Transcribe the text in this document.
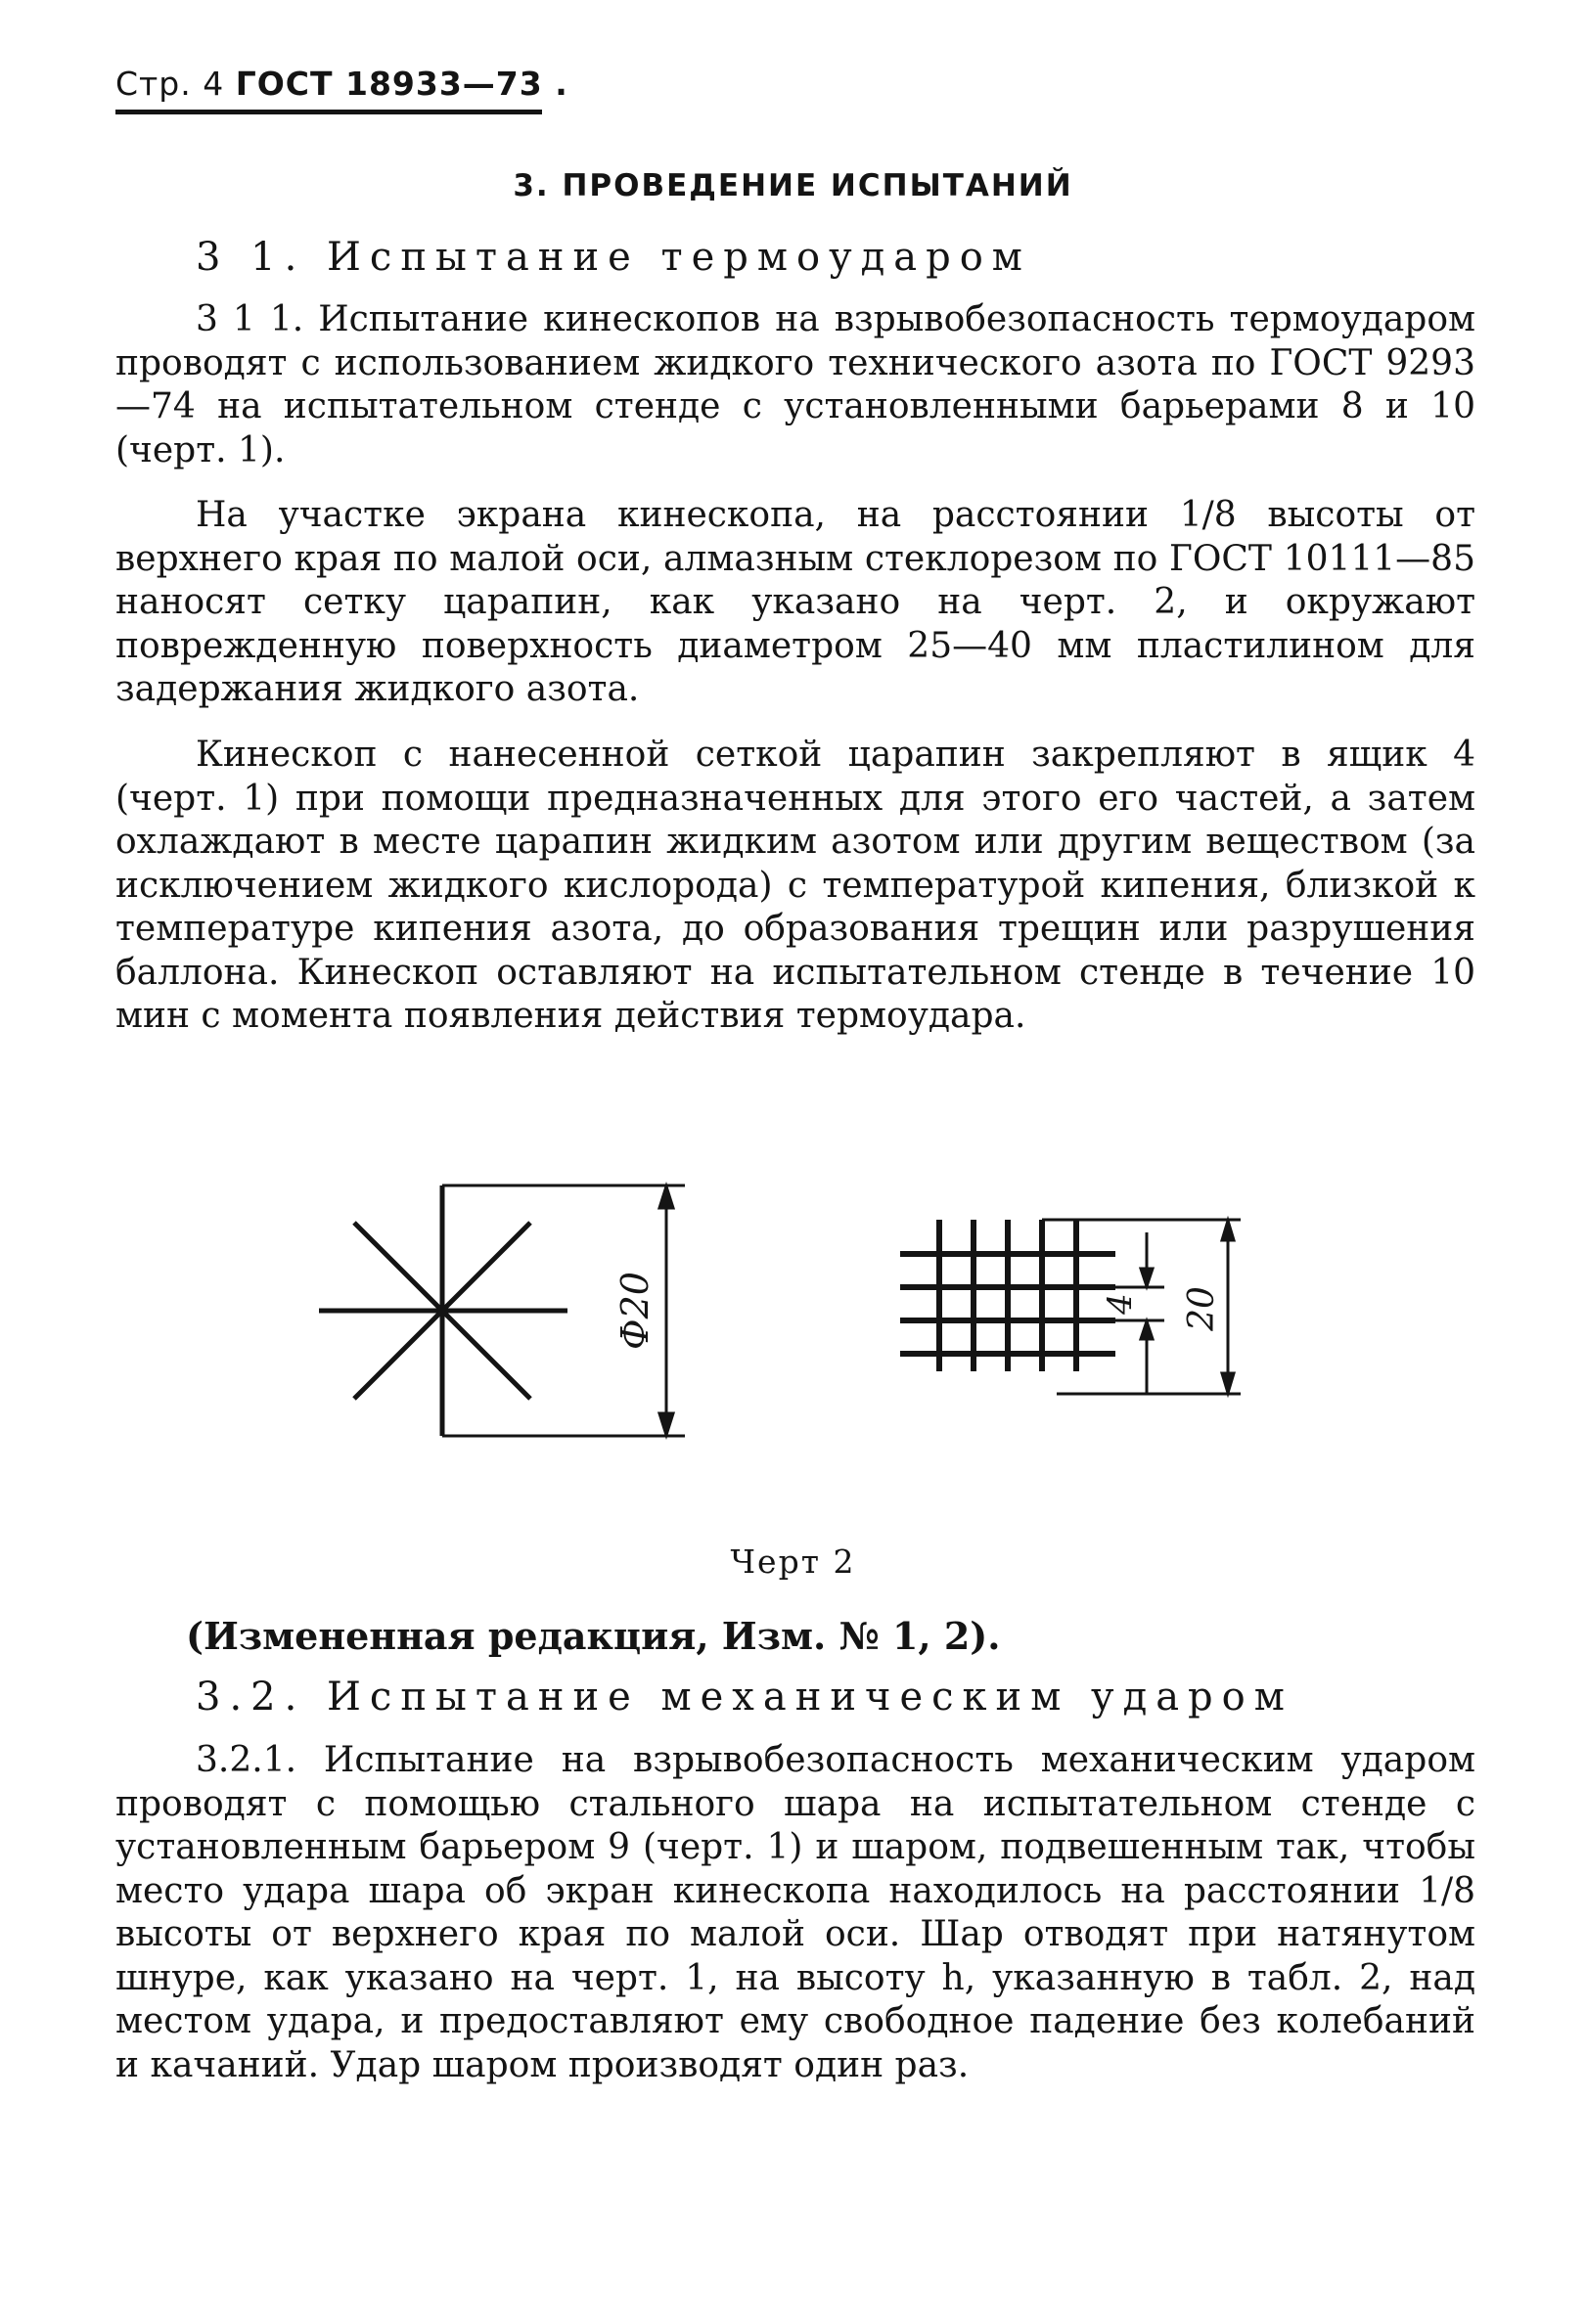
Стр. 4 ГОСТ 18933—73 .
3. ПРОВЕДЕНИЕ ИСПЫТАНИЙ
3 1. Испытание термоударом

3 1 1. Испытание кинескопов на взрывобезопасность термоударом проводят с использованием жидкого технического азота по ГОСТ 9293—74 на испытательном стенде с установленными барьерами 8 и 10 (черт. 1).

На участке экрана кинескопа, на расстоянии 1/8 высоты от верхнего края по малой оси, алмазным стеклорезом по ГОСТ 10111—85 наносят сетку царапин, как указано на черт. 2, и окружают поврежденную поверхность диаметром 25—40 мм пластилином для задержания жидкого азота.

Кинескоп с нанесенной сеткой царапин закрепляют в ящик 4 (черт. 1) при помощи предназначенных для этого его частей, а затем охлаждают в месте царапин жидким азотом или другим веществом (за исключением жидкого кислорода) с температурой кипения, близкой к температуре кипения азота, до образования трещин или разрушения баллона. Кинескоп оставляют на испытательном стенде в течение 10 мин с момента появления действия термоудара.

Ф20	4 20
Черт 2
(Измененная редакция, Изм. № 1, 2).
3.2. Испытание механическим ударом

3.2.1. Испытание на взрывобезопасность механическим ударом проводят с помощью стального шара на испытательном стенде с установленным барьером 9 (черт. 1) и шаром, подвешенным так, чтобы место удара шара об экран кинескопа находилось на расстоянии 1/8 высоты от верхнего края по малой оси. Шар отводят при натянутом шнуре, как указано на черт. 1, на высоту h, указанную в табл. 2, над местом удара, и предоставляют ему свободное падение без колебаний и качаний. Удар шаром производят один раз.
